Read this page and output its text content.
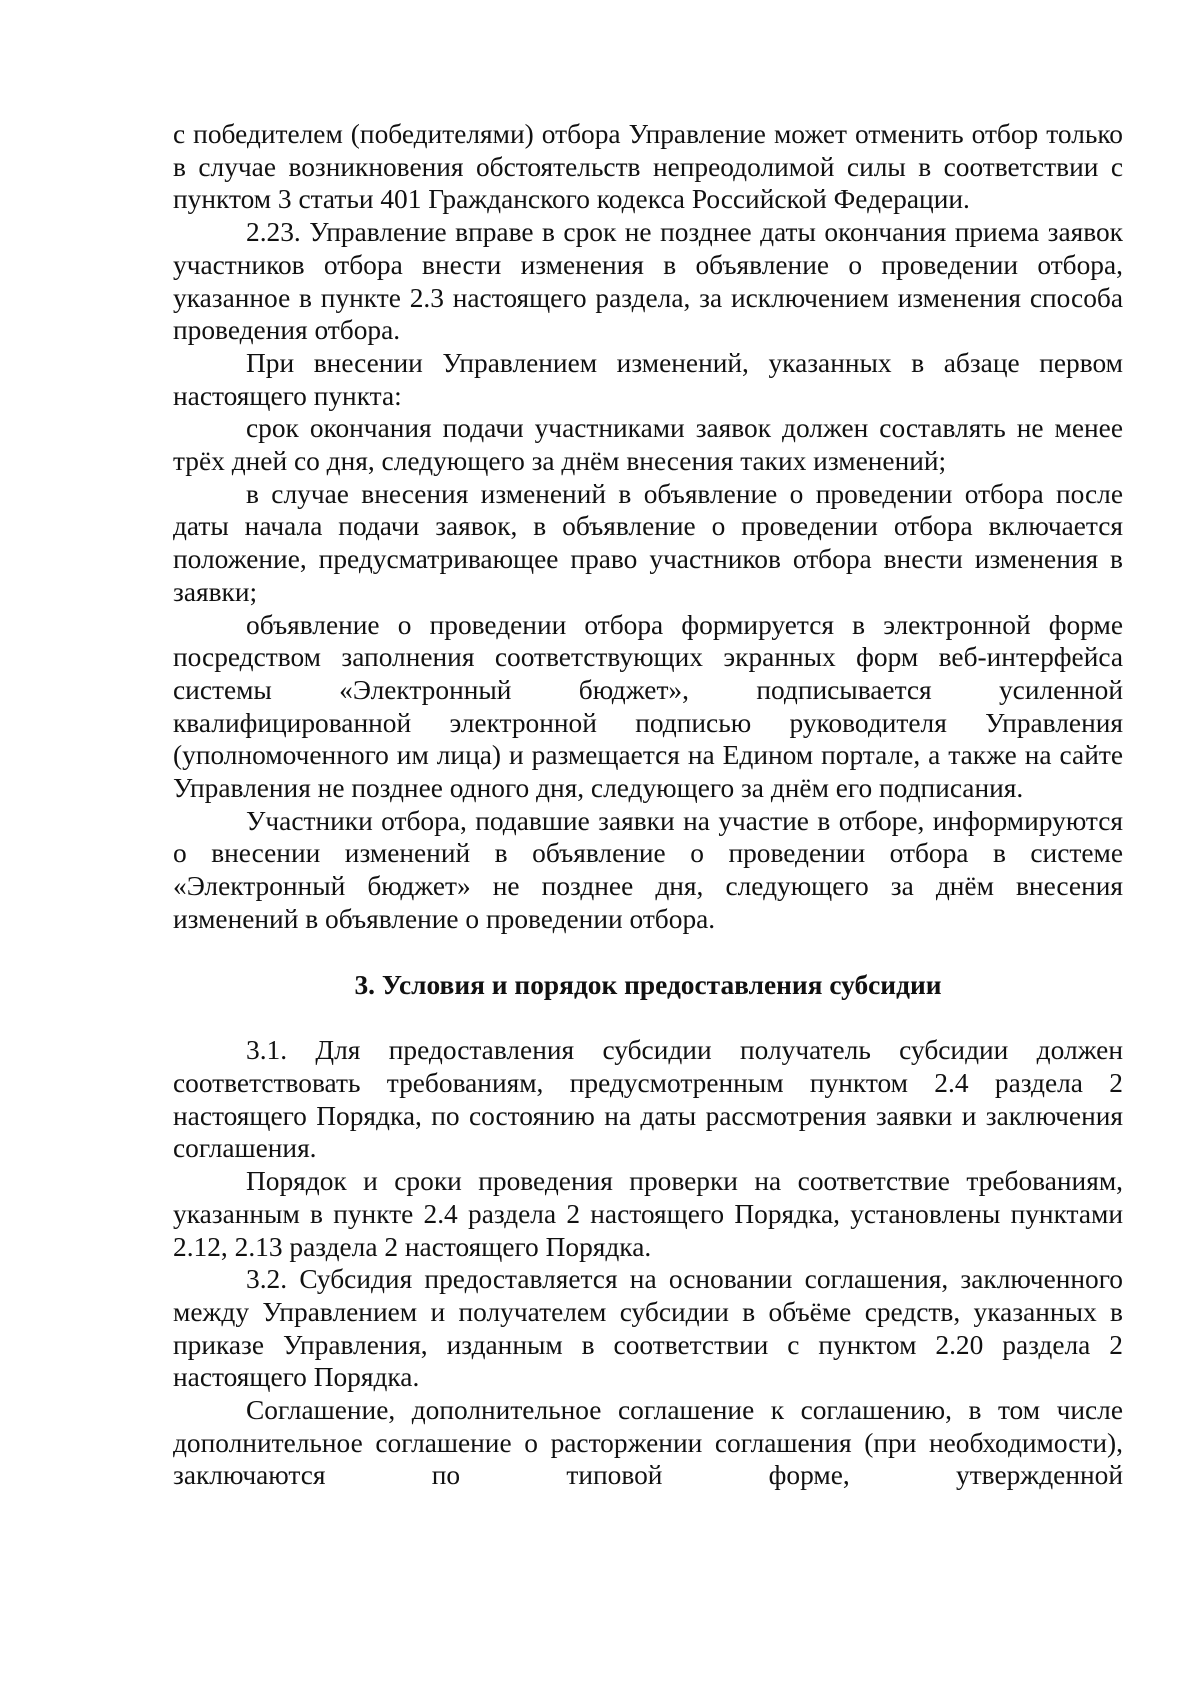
с победителем (победителями) отбора Управление может отменить отбор только в случае возникновения обстоятельств непреодолимой силы в соответствии с пунктом 3 статьи 401 Гражданского кодекса Российской Федерации.

2.23. Управление вправе в срок не позднее даты окончания приема заявок участников отбора внести изменения в объявление о проведении отбора, указанное в пункте 2.3 настоящего раздела, за исключением изменения способа проведения отбора.

При внесении Управлением изменений, указанных в абзаце первом настоящего пункта:

срок окончания подачи участниками заявок должен составлять не менее трёх дней со дня, следующего за днём внесения таких изменений;

в случае внесения изменений в объявление о проведении отбора после даты начала подачи заявок, в объявление о проведении отбора включается положение, предусматривающее право участников отбора внести изменения в заявки;

объявление о проведении отбора формируется в электронной форме посредством заполнения соответствующих экранных форм веб-интерфейса системы «Электронный бюджет», подписывается усиленной квалифицированной электронной подписью руководителя Управления (уполномоченного им лица) и размещается на Едином портале, а также на сайте Управления не позднее одного дня, следующего за днём его подписания.

Участники отбора, подавшие заявки на участие в отборе, информируются о внесении изменений в объявление о проведении отбора в системе «Электронный бюджет» не позднее дня, следующего за днём внесения изменений в объявление о проведении отбора.

3. Условия и порядок предоставления субсидии

3.1. Для предоставления субсидии получатель субсидии должен соответствовать требованиям, предусмотренным пунктом 2.4 раздела 2 настоящего Порядка, по состоянию на даты рассмотрения заявки и заключения соглашения.

Порядок и сроки проведения проверки на соответствие требованиям, указанным в пункте 2.4 раздела 2 настоящего Порядка, установлены пунктами 2.12, 2.13 раздела 2 настоящего Порядка.

3.2. Субсидия предоставляется на основании соглашения, заключенного между Управлением и получателем субсидии в объёме средств, указанных в приказе Управления, изданным в соответствии с пунктом 2.20 раздела 2 настоящего Порядка.

Соглашение, дополнительное соглашение к соглашению, в том числе дополнительное соглашение о расторжении соглашения (при необходимости), заключаются по типовой форме, утвержденной
